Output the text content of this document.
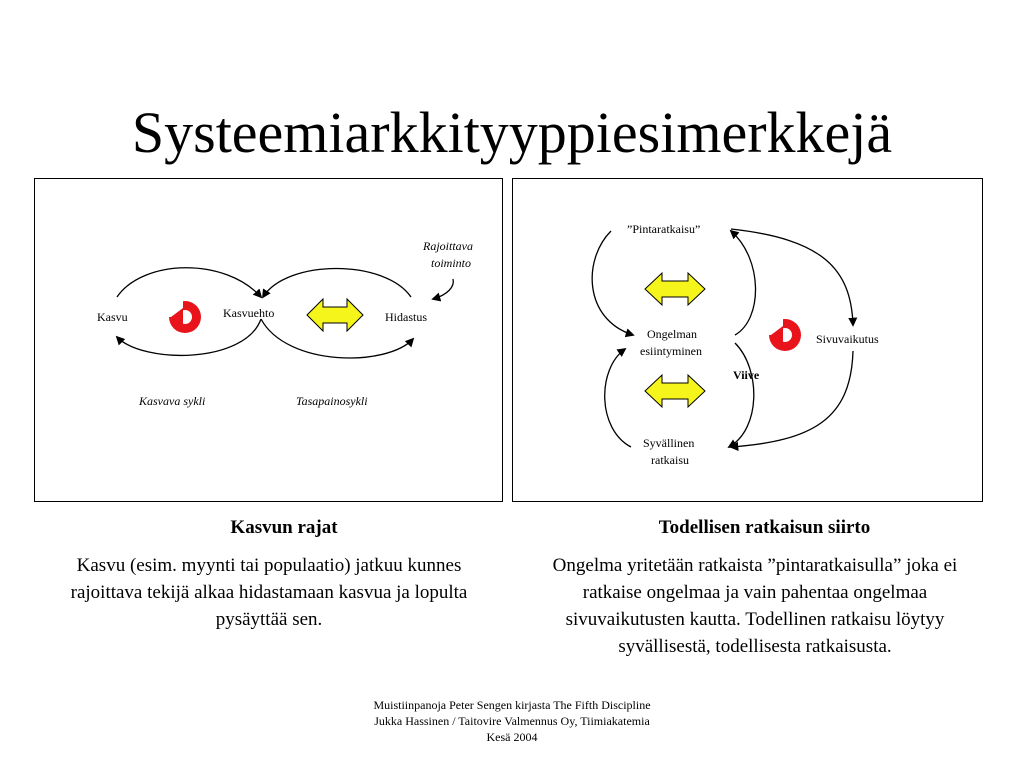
Systeemiarkkityyppiesimerkkejä
Kasvu	Kasvuehto	Hidastus
Rajoittava
toiminto
Kasvava sykli	Tasapainosykli
”Pintaratkaisu”
Ongelman
esiintyminen
Sivuvaikutus
Syvällinen
ratkaisu
Viive
Kasvun rajat
Kasvu (esim. myynti tai populaatio) jatkuu kunnes rajoittava tekijä alkaa hidastamaan kasvua ja lopulta pysäyttää sen.
Todellisen ratkaisun siirto
Ongelma yritetään ratkaista ”pintaratkaisulla” joka ei ratkaise ongelmaa ja vain pahentaa ongelmaa sivuvaikutusten kautta. Todellinen ratkaisu löytyy syvällisestä, todellisesta ratkaisusta.
Muistiinpanoja Peter Sengen kirjasta The Fifth Discipline
Jukka Hassinen / Taitovire Valmennus Oy, Tiimiakatemia
Kesä 2004
